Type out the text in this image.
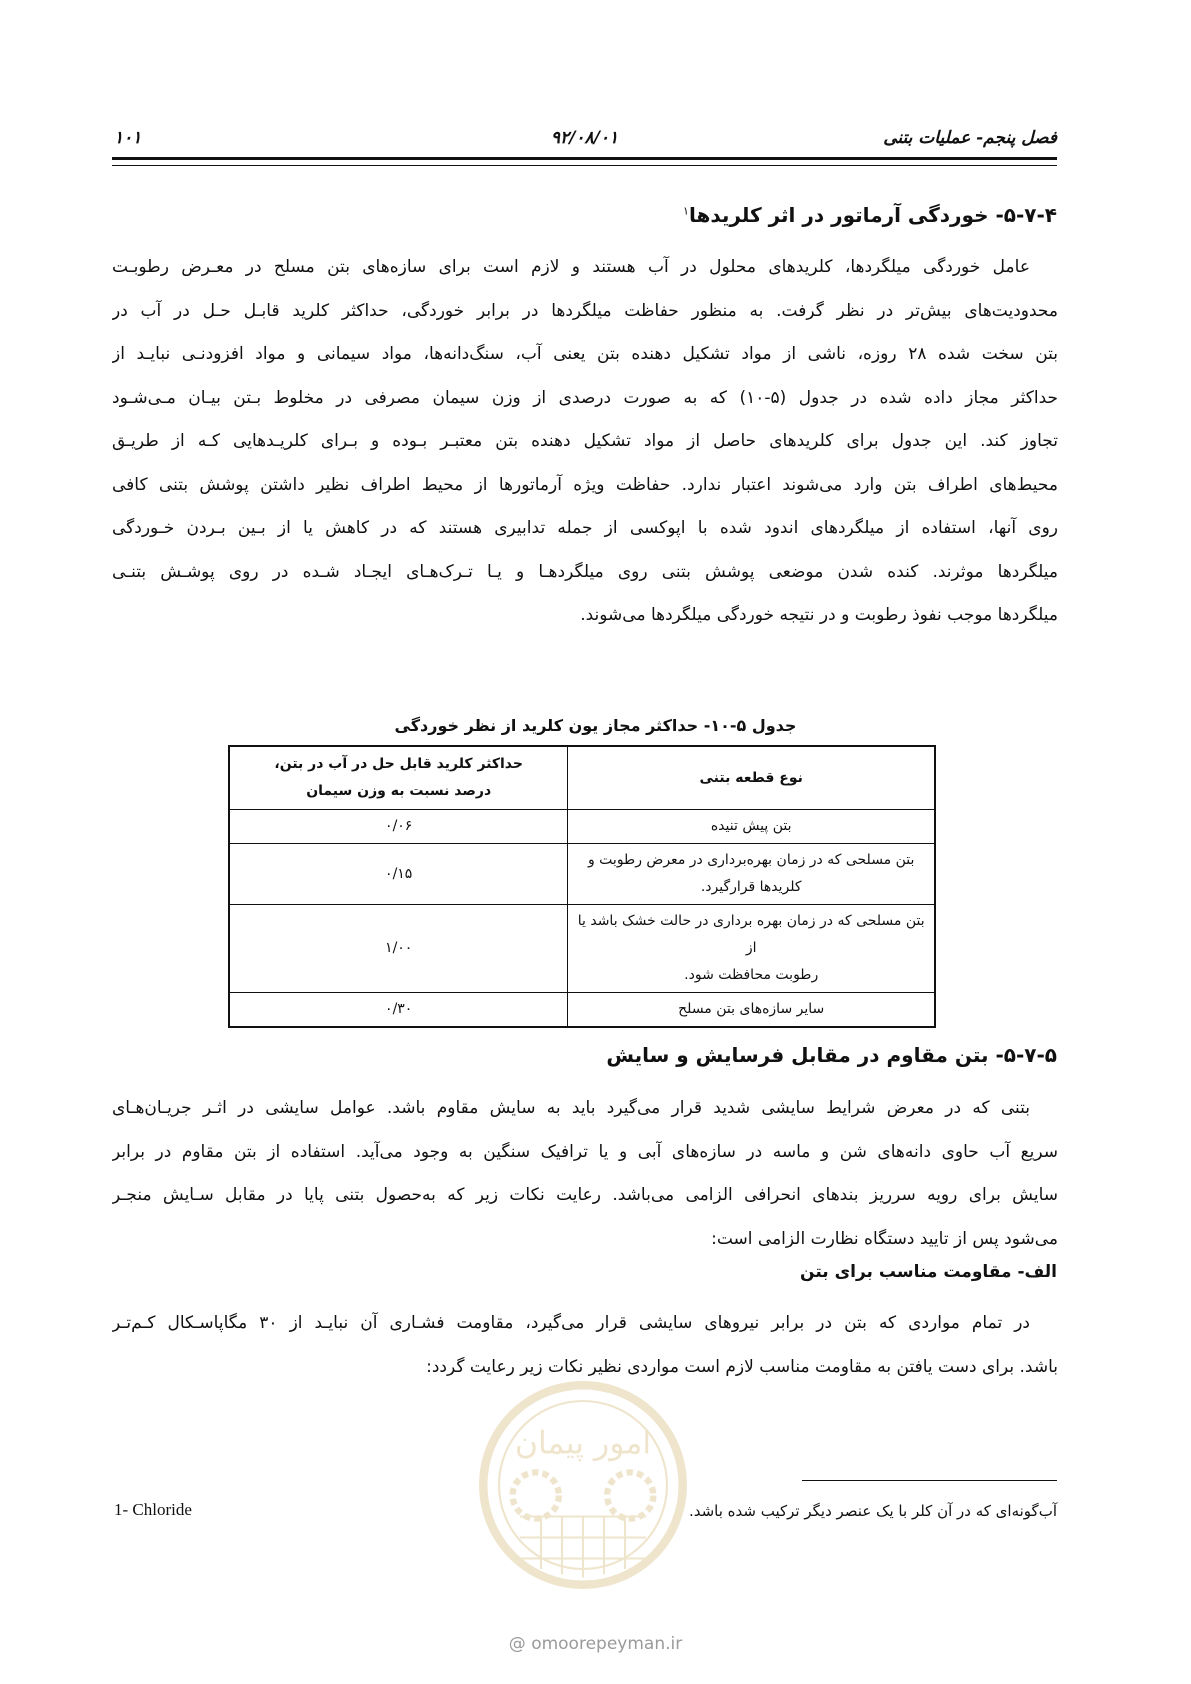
۱۰۱	۹۲/۰۸/۰۱	فصل پنجم- عملیات بتنی
۵-۷-۴- خوردگی آرماتور در اثر کلریدها$^۱$
عامل خوردگی میلگردها، کلریدهای محلول در آب هستند و لازم است برای سازه‌های بتن مسلح در معـرض رطوبـت
محدودیت‌های بیش‌تر در نظر گرفت. به منظور حفاظت میلگردها در برابر خوردگی، حداکثر کلرید قابـل حـل در آب در
بتن سخت شده ۲۸ روزه، ناشی از مواد تشکیل دهنده بتن یعنی آب، سنگ‌دانه‌ها، مواد سیمانی و مواد افزودنـی نبایـد از
حداکثر مجاز داده شده در جدول (۵-۱۰) که به صورت درصدی از وزن سیمان مصرفی در مخلوط بـتن بیـان مـی‌شـود
تجاوز کند. این جدول برای کلریدهای حاصل از مواد تشکیل دهنده بتن معتبـر بـوده و بـرای کلریـدهایی کـه از طریـق
محیط‌های اطراف بتن وارد می‌شوند اعتبار ندارد. حفاظت ویژه آرماتورها از محیط اطراف نظیر داشتن پوشش بتنی کافی
روی آنها، استفاده از میلگردهای اندود شده با اپوکسی از جمله تدابیری هستند که در کاهش یا از بـین بـردن خـوردگی
میلگردها موثرند. کنده شدن موضعی پوشش بتنی روی میلگردهـا و یـا تـرک‌هـای ایجـاد شـده در روی پوشـش بتنـی
میلگردها موجب نفوذ رطوبت و در نتیجه خوردگی میلگردها می‌شوند.
جدول ۵-۱۰- حداکثر مجاز یون کلرید از نظر خوردگی
نوع قطعه بتنی	حداکثر کلرید قابل حل در آب در بتن،
درصد نسبت به وزن سیمان

بتن پیش تنیده	۰/۰۶

بتن مسلحی که در زمان بهره‌برداری در معرض رطوبت و
کلریدها قرارگیرد.	۰/۱۵

بتن مسلحی که در زمان بهره برداری در حالت خشک باشد یا از
رطوبت محافظت شود.	۱/۰۰

سایر سازه‌های بتن مسلح	۰/۳۰
۵-۷-۵- بتن مقاوم در مقابل فرسایش و سایش
بتنی که در معرض شرایط سایشی شدید قرار می‌گیرد باید به سایش مقاوم باشد. عوامل سایشی در اثـر جریـان‌هـای
سریع آب حاوی دانه‌های شن و ماسه در سازه‌های آبی و یا ترافیک سنگین به وجود می‌آید. استفاده از بتن مقاوم در برابر
سایش برای رویه سرریز بندهای انحرافی الزامی می‌باشد. رعایت نکات زیر که به‌حصول بتنی پایا در مقابل سـایش منجـر
می‌شود پس از تایید دستگاه نظارت الزامی است:
الف- مقاومت مناسب برای بتن
در تمام مواردی که بتن در برابر نیروهای سایشی قرار می‌گیرد، مقاومت فشـاری آن نبایـد از ۳۰ مگاپاسـکال کـم‌تـر
باشد. برای دست یافتن به مقاومت مناسب لازم است مواردی نظیر نکات زیر رعایت گردد:
1- Chloride	آب‌گونه‌ای که در آن کلر با یک عنصر دیگر ترکیب شده باشد.
امور پیمان
@ omoorepeyman.ir
